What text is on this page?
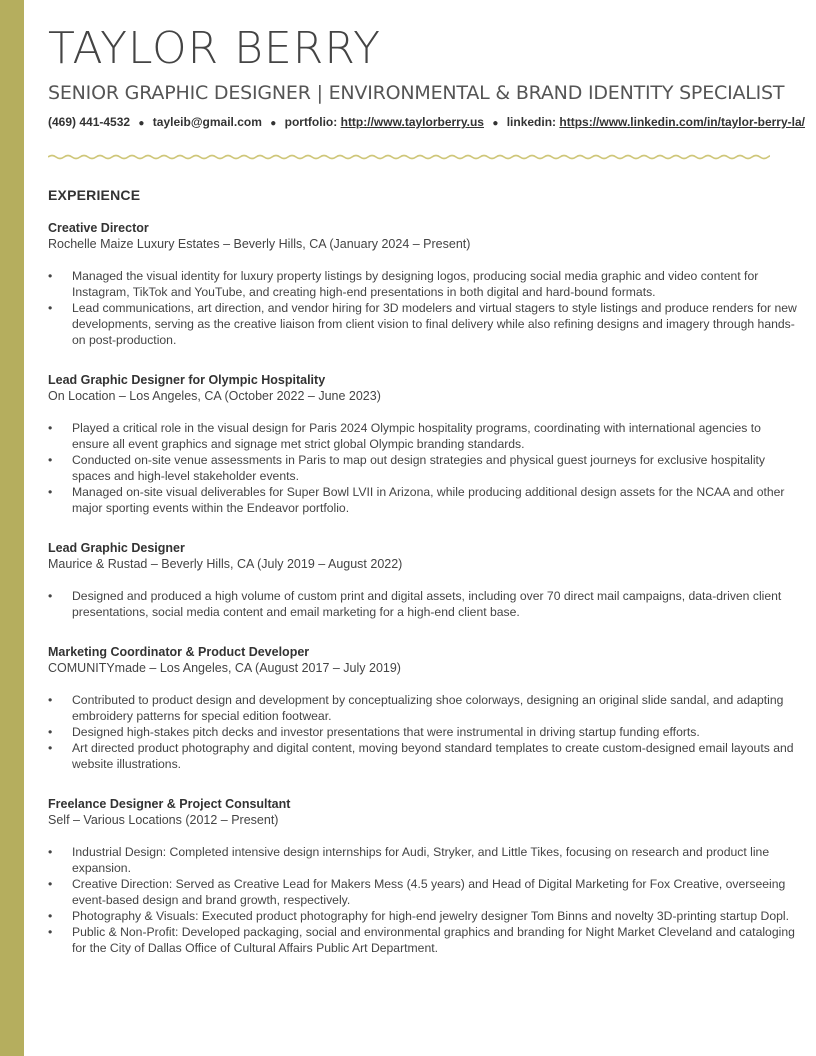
TAYLOR BERRY
SENIOR GRAPHIC DESIGNER | ENVIRONMENTAL & BRAND IDENTITY SPECIALIST
(469) 441-4532 ● tayleib@gmail.com ● portfolio: http://www.taylorberry.us ● linkedin: https://www.linkedin.com/in/taylor-berry-la/
EXPERIENCE
Creative Director
Rochelle Maize Luxury Estates – Beverly Hills, CA (January 2024 – Present)
•	Managed the visual identity for luxury property listings by designing logos, producing social media graphic and video content for Instagram, TikTok and YouTube, and creating high-end presentations in both digital and hard-bound formats.
•	Lead communications, art direction, and vendor hiring for 3D modelers and virtual stagers to style listings and produce renders for new developments, serving as the creative liaison from client vision to final delivery while also refining designs and imagery through hands-on post-production.
Lead Graphic Designer for Olympic Hospitality
On Location – Los Angeles, CA (October 2022 – June 2023)
•	Played a critical role in the visual design for Paris 2024 Olympic hospitality programs, coordinating with international agencies to ensure all event graphics and signage met strict global Olympic branding standards.
•	Conducted on-site venue assessments in Paris to map out design strategies and physical guest journeys for exclusive hospitality spaces and high-level stakeholder events.
•	Managed on-site visual deliverables for Super Bowl LVII in Arizona, while producing additional design assets for the NCAA and other major sporting events within the Endeavor portfolio.
Lead Graphic Designer
Maurice & Rustad – Beverly Hills, CA (July 2019 – August 2022)
•	Designed and produced a high volume of custom print and digital assets, including over 70 direct mail campaigns, data-driven client presentations, social media content and email marketing for a high-end client base.
Marketing Coordinator & Product Developer
COMUNITYmade – Los Angeles, CA (August 2017 – July 2019)
•	Contributed to product design and development by conceptualizing shoe colorways, designing an original slide sandal, and adapting embroidery patterns for special edition footwear.
•	Designed high-stakes pitch decks and investor presentations that were instrumental in driving startup funding efforts.
•	Art directed product photography and digital content, moving beyond standard templates to create custom-designed email layouts and website illustrations.
Freelance Designer & Project Consultant
Self – Various Locations (2012 – Present)
•	Industrial Design: Completed intensive design internships for Audi, Stryker, and Little Tikes, focusing on research and product line expansion.
•	Creative Direction: Served as Creative Lead for Makers Mess (4.5 years) and Head of Digital Marketing for Fox Creative, overseeing event-based design and brand growth, respectively.
•	Photography & Visuals: Executed product photography for high-end jewelry designer Tom Binns and novelty 3D-printing startup Dopl.
•	Public & Non-Profit: Developed packaging, social and environmental graphics and branding for Night Market Cleveland and cataloging for the City of Dallas Office of Cultural Affairs Public Art Department.
